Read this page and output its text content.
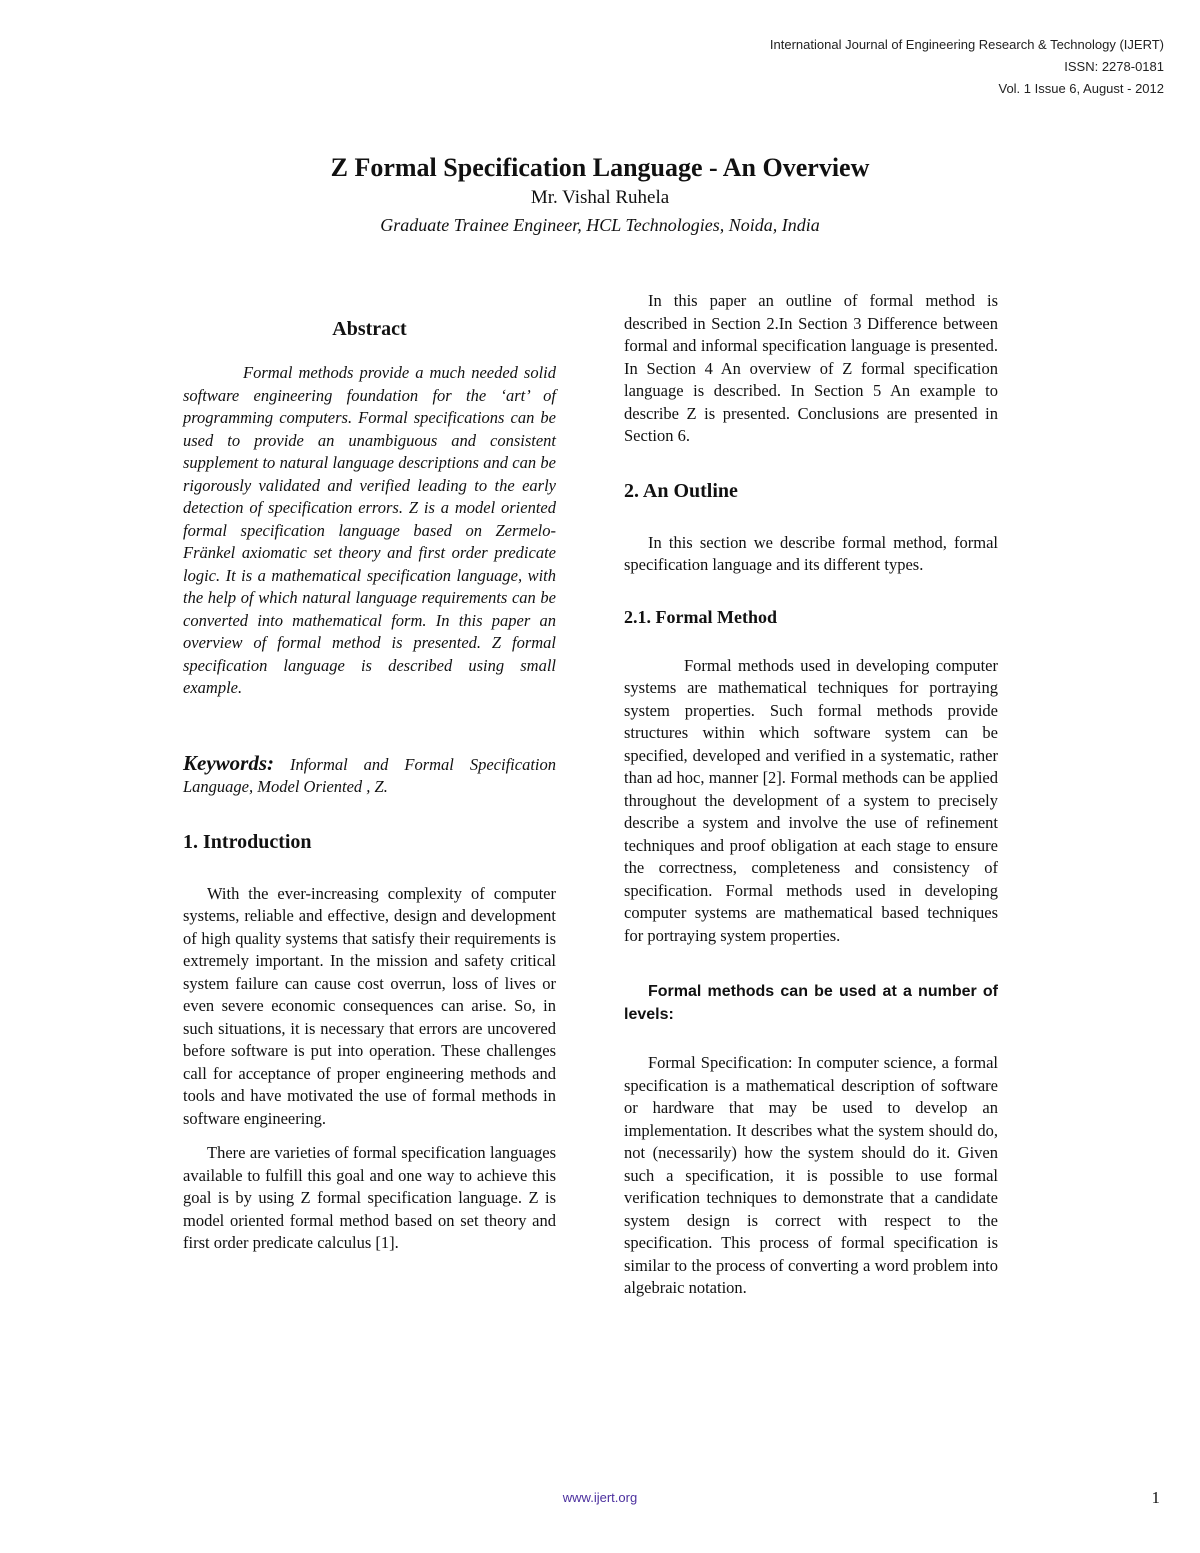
International Journal of Engineering Research & Technology (IJERT)
ISSN: 2278-0181
Vol. 1 Issue 6, August - 2012
Z Formal Specification Language - An Overview
Mr. Vishal Ruhela
Graduate Trainee Engineer, HCL Technologies, Noida, India
Abstract

Formal methods provide a much needed solid software engineering foundation for the ‘art’ of programming computers. Formal specifications can be used to provide an unambiguous and consistent supplement to natural language descriptions and can be rigorously validated and verified leading to the early detection of specification errors. Z is a model oriented formal specification language based on Zermelo-Fränkel axiomatic set theory and first order predicate logic. It is a mathematical specification language, with the help of which natural language requirements can be converted into mathematical form. In this paper an overview of formal method is presented. Z formal specification language is described using small example.

Keywords: Informal and Formal Specification Language, Model Oriented , Z.

1. Introduction

With the ever-increasing complexity of computer systems, reliable and effective, design and development of high quality systems that satisfy their requirements is extremely important. In the mission and safety critical system failure can cause cost overrun, loss of lives or even severe economic consequences can arise. So, in such situations, it is necessary that errors are uncovered before software is put into operation. These challenges call for acceptance of proper engineering methods and tools and have motivated the use of formal methods in software engineering.

There are varieties of formal specification languages available to fulfill this goal and one way to achieve this goal is by using Z formal specification language. Z is model oriented formal method based on set theory and first order predicate calculus [1].

In this paper an outline of formal method is described in Section 2.In Section 3 Difference between formal and informal specification language is presented. In Section 4 An overview of Z formal specification language is described. In Section 5 An example to describe Z is presented. Conclusions are presented in Section 6.

2. An Outline

In this section we describe formal method, formal specification language and its different types.

2.1. Formal Method

Formal methods used in developing computer systems are mathematical techniques for portraying system properties. Such formal methods provide structures within which software system can be specified, developed and verified in a systematic, rather than ad hoc, manner [2]. Formal methods can be applied throughout the development of a system to precisely describe a system and involve the use of refinement techniques and proof obligation at each stage to ensure the correctness, completeness and consistency of specification. Formal methods used in developing computer systems are mathematical based techniques for portraying system properties.

Formal methods can be used at a number of levels:

Formal Specification: In computer science, a formal specification is a mathematical description of software or hardware that may be used to develop an implementation. It describes what the system should do, not (necessarily) how the system should do it. Given such a specification, it is possible to use formal verification techniques to demonstrate that a candidate system design is correct with respect to the specification. This process of formal specification is similar to the process of converting a word problem into algebraic notation.

www.ijert.org	1
